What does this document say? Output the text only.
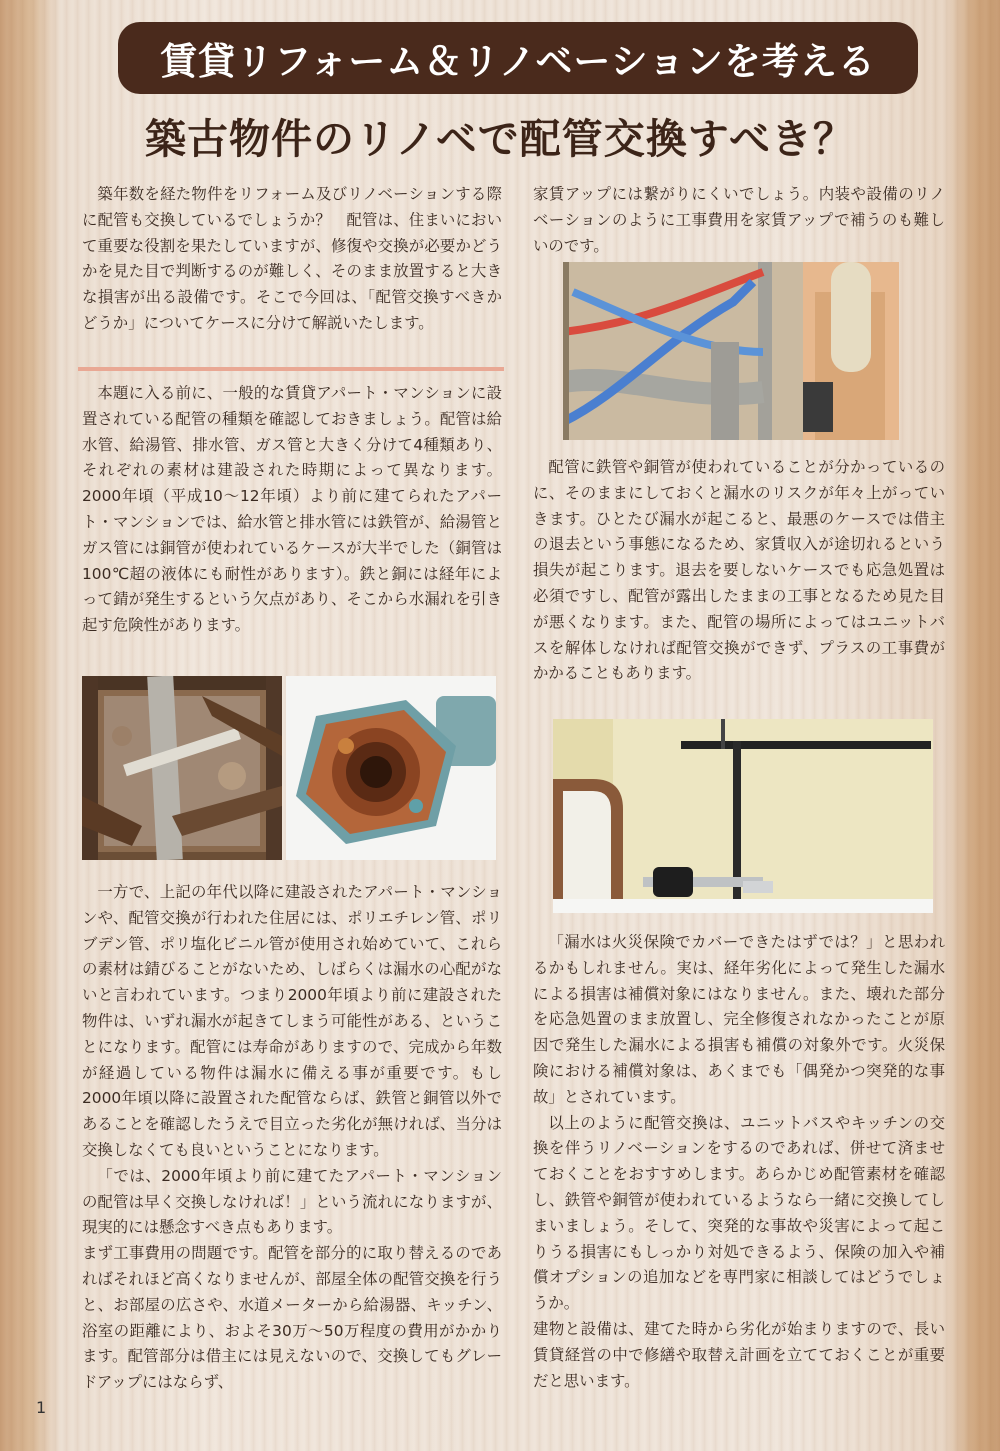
賃貸リフォーム＆リノベーションを考える
築古物件のリノベで配管交換すべき？

築年数を経た物件をリフォーム及びリノベーションする際に配管も交換しているでしょうか？　配管は、住まいにおいて重要な役割を果たしていますが、修復や交換が必要かどうかを見た目で判断するのが難しく、そのまま放置すると大きな損害が出る設備です。そこで今回は、「配管交換すべきかどうか」についてケースに分けて解説いたします。

本題に入る前に、一般的な賃貸アパート・マンションに設置されている配管の種類を確認しておきましょう。配管は給水管、給湯管、排水管、ガス管と大きく分けて4種類あり、それぞれの素材は建設された時期によって異なります。2000年頃（平成10～12年頃）より前に建てられたアパート・マンションでは、給水管と排水管には鉄管が、給湯管とガス管には銅管が使われているケースが大半でした（銅管は100℃超の液体にも耐性があります）。鉄と銅には経年によって錆が発生するという欠点があり、そこから水漏れを引き起す危険性があります。

一方で、上記の年代以降に建設されたアパート・マンションや、配管交換が行われた住居には、ポリエチレン管、ポリブデン管、ポリ塩化ビニル管が使用され始めていて、これらの素材は錆びることがないため、しばらくは漏水の心配がないと言われています。つまり2000年頃より前に建設された物件は、いずれ漏水が起きてしまう可能性がある、ということになります。配管には寿命がありますので、完成から年数が経過している物件は漏水に備える事が重要です。もし2000年頃以降に設置された配管ならば、鉄管と銅管以外であることを確認したうえで目立った劣化が無ければ、当分は交換しなくても良いということになります。

「では、2000年頃より前に建てたアパート・マンションの配管は早く交換しなければ！」という流れになりますが、現実的には懸念すべき点もあります。

まず工事費用の問題です。配管を部分的に取り替えるのであればそれほど高くなりませんが、部屋全体の配管交換を行うと、お部屋の広さや、水道メーターから給湯器、キッチン、浴室の距離により、およそ30万～50万程度の費用がかかります。配管部分は借主には見えないので、交換してもグレードアップにはならず、

家賃アップには繋がりにくいでしょう。内装や設備のリノベーションのように工事費用を家賃アップで補うのも難しいのです。

配管に鉄管や銅管が使われていることが分かっているのに、そのままにしておくと漏水のリスクが年々上がっていきます。ひとたび漏水が起こると、最悪のケースでは借主の退去という事態になるため、家賃収入が途切れるという損失が起こります。退去を要しないケースでも応急処置は必須ですし、配管が露出したままの工事となるため見た目が悪くなります。また、配管の場所によってはユニットバスを解体しなければ配管交換ができず、プラスの工事費がかかることもあります。

「漏水は火災保険でカバーできたはずでは？」と思われるかもしれません。実は、経年劣化によって発生した漏水による損害は補償対象にはなりません。また、壊れた部分を応急処置のまま放置し、完全修復されなかったことが原因で発生した漏水による損害も補償の対象外です。火災保険における補償対象は、あくまでも「偶発かつ突発的な事故」とされています。

以上のように配管交換は、ユニットバスやキッチンの交換を伴うリノベーションをするのであれば、併せて済ませておくことをおすすめします。あらかじめ配管素材を確認し、鉄管や銅管が使われているようなら一緒に交換してしまいましょう。そして、突発的な事故や災害によって起こりうる損害にもしっかり対処できるよう、保険の加入や補償オプションの追加などを専門家に相談してはどうでしょうか。

建物と設備は、建てた時から劣化が始まりますので、長い賃貸経営の中で修繕や取替え計画を立てておくことが重要だと思います。

1
